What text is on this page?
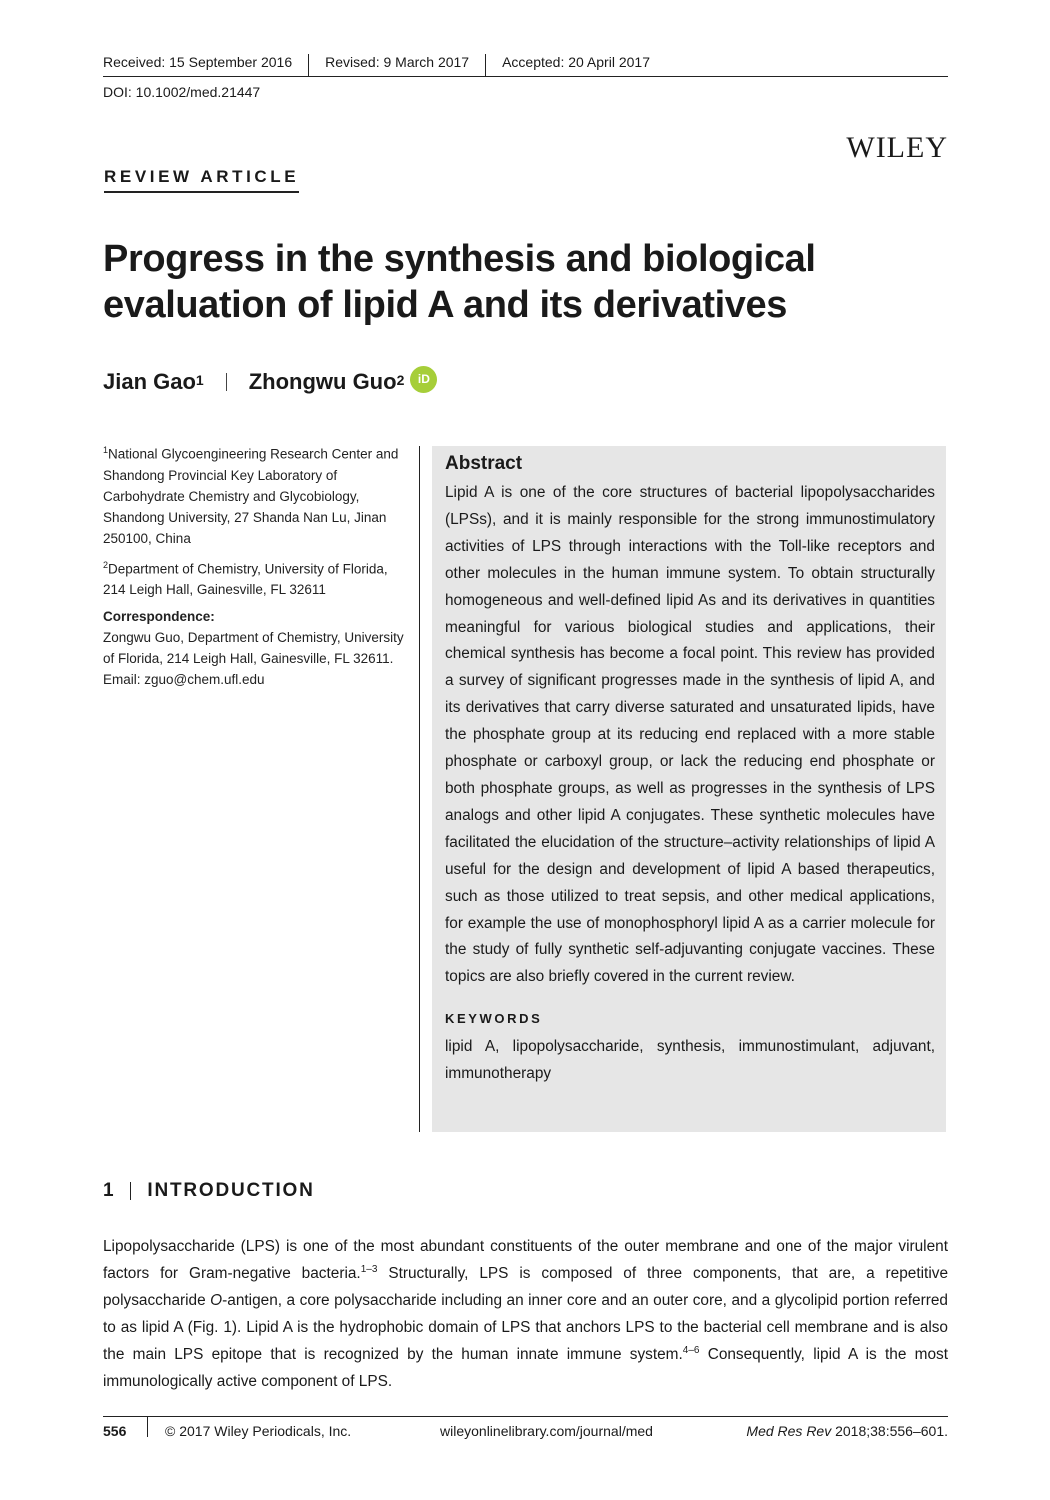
Received: 15 September 2016	Revised: 9 March 2017	Accepted: 20 April 2017
DOI: 10.1002/med.21447
WILEY
REVIEW ARTICLE
Progress in the synthesis and biological evaluation of lipid A and its derivatives
Jian Gao$^1$ Zhongwu Guo$^2$	iD

$^1$National Glycoengineering Research Center and Shandong Provincial Key Laboratory of Carbohydrate Chemistry and Glycobiology, Shandong University, 27 Shanda Nan Lu, Jinan 250100, China

$^2$Department of Chemistry, University of Florida, 214 Leigh Hall, Gainesville, FL 32611

Correspondence:

Zongwu Guo, Department of Chemistry, University of Florida, 214 Leigh Hall, Gainesville, FL 32611. Email: zguo@chem.ufl.edu

Abstract

Lipid A is one of the core structures of bacterial lipopolysaccharides (LPSs), and it is mainly responsible for the strong immunostimulatory activities of LPS through interactions with the Toll-like receptors and other molecules in the human immune system. To obtain structurally homogeneous and well-defined lipid As and its derivatives in quantities meaningful for various biological studies and applications, their chemical synthesis has become a focal point. This review has provided a survey of significant progresses made in the synthesis of lipid A, and its derivatives that carry diverse saturated and unsaturated lipids, have the phosphate group at its reducing end replaced with a more stable phosphate or carboxyl group, or lack the reducing end phosphate or both phosphate groups, as well as progresses in the synthesis of LPS analogs and other lipid A conjugates. These synthetic molecules have facilitated the elucidation of the structure–activity relationships of lipid A useful for the design and development of lipid A based therapeutics, such as those utilized to treat sepsis, and other medical applications, for example the use of monophosphoryl lipid A as a carrier molecule for the study of fully synthetic self-adjuvanting conjugate vaccines. These topics are also briefly covered in the current review.

KEYWORDS
lipid A, lipopolysaccharide, synthesis, immunostimulant, adjuvant, immunotherapy
1 INTRODUCTION

Lipopolysaccharide (LPS) is one of the most abundant constituents of the outer membrane and one of the major virulent factors for Gram-negative bacteria.$^{1-3}$ Structurally, LPS is composed of three components, that are, a repetitive polysaccharide O-antigen, a core polysaccharide including an inner core and an outer core, and a glycolipid portion referred to as lipid A (Fig. 1). Lipid A is the hydrophobic domain of LPS that anchors LPS to the bacterial cell membrane and is also the main LPS epitope that is recognized by the human innate immune system.$^{4-6}$ Consequently, lipid A is the most immunologically active component of LPS.

556	© 2017 Wiley Periodicals, Inc.	wileyonlinelibrary.com/journal/med	Med Res Rev 2018;38:556–601.
